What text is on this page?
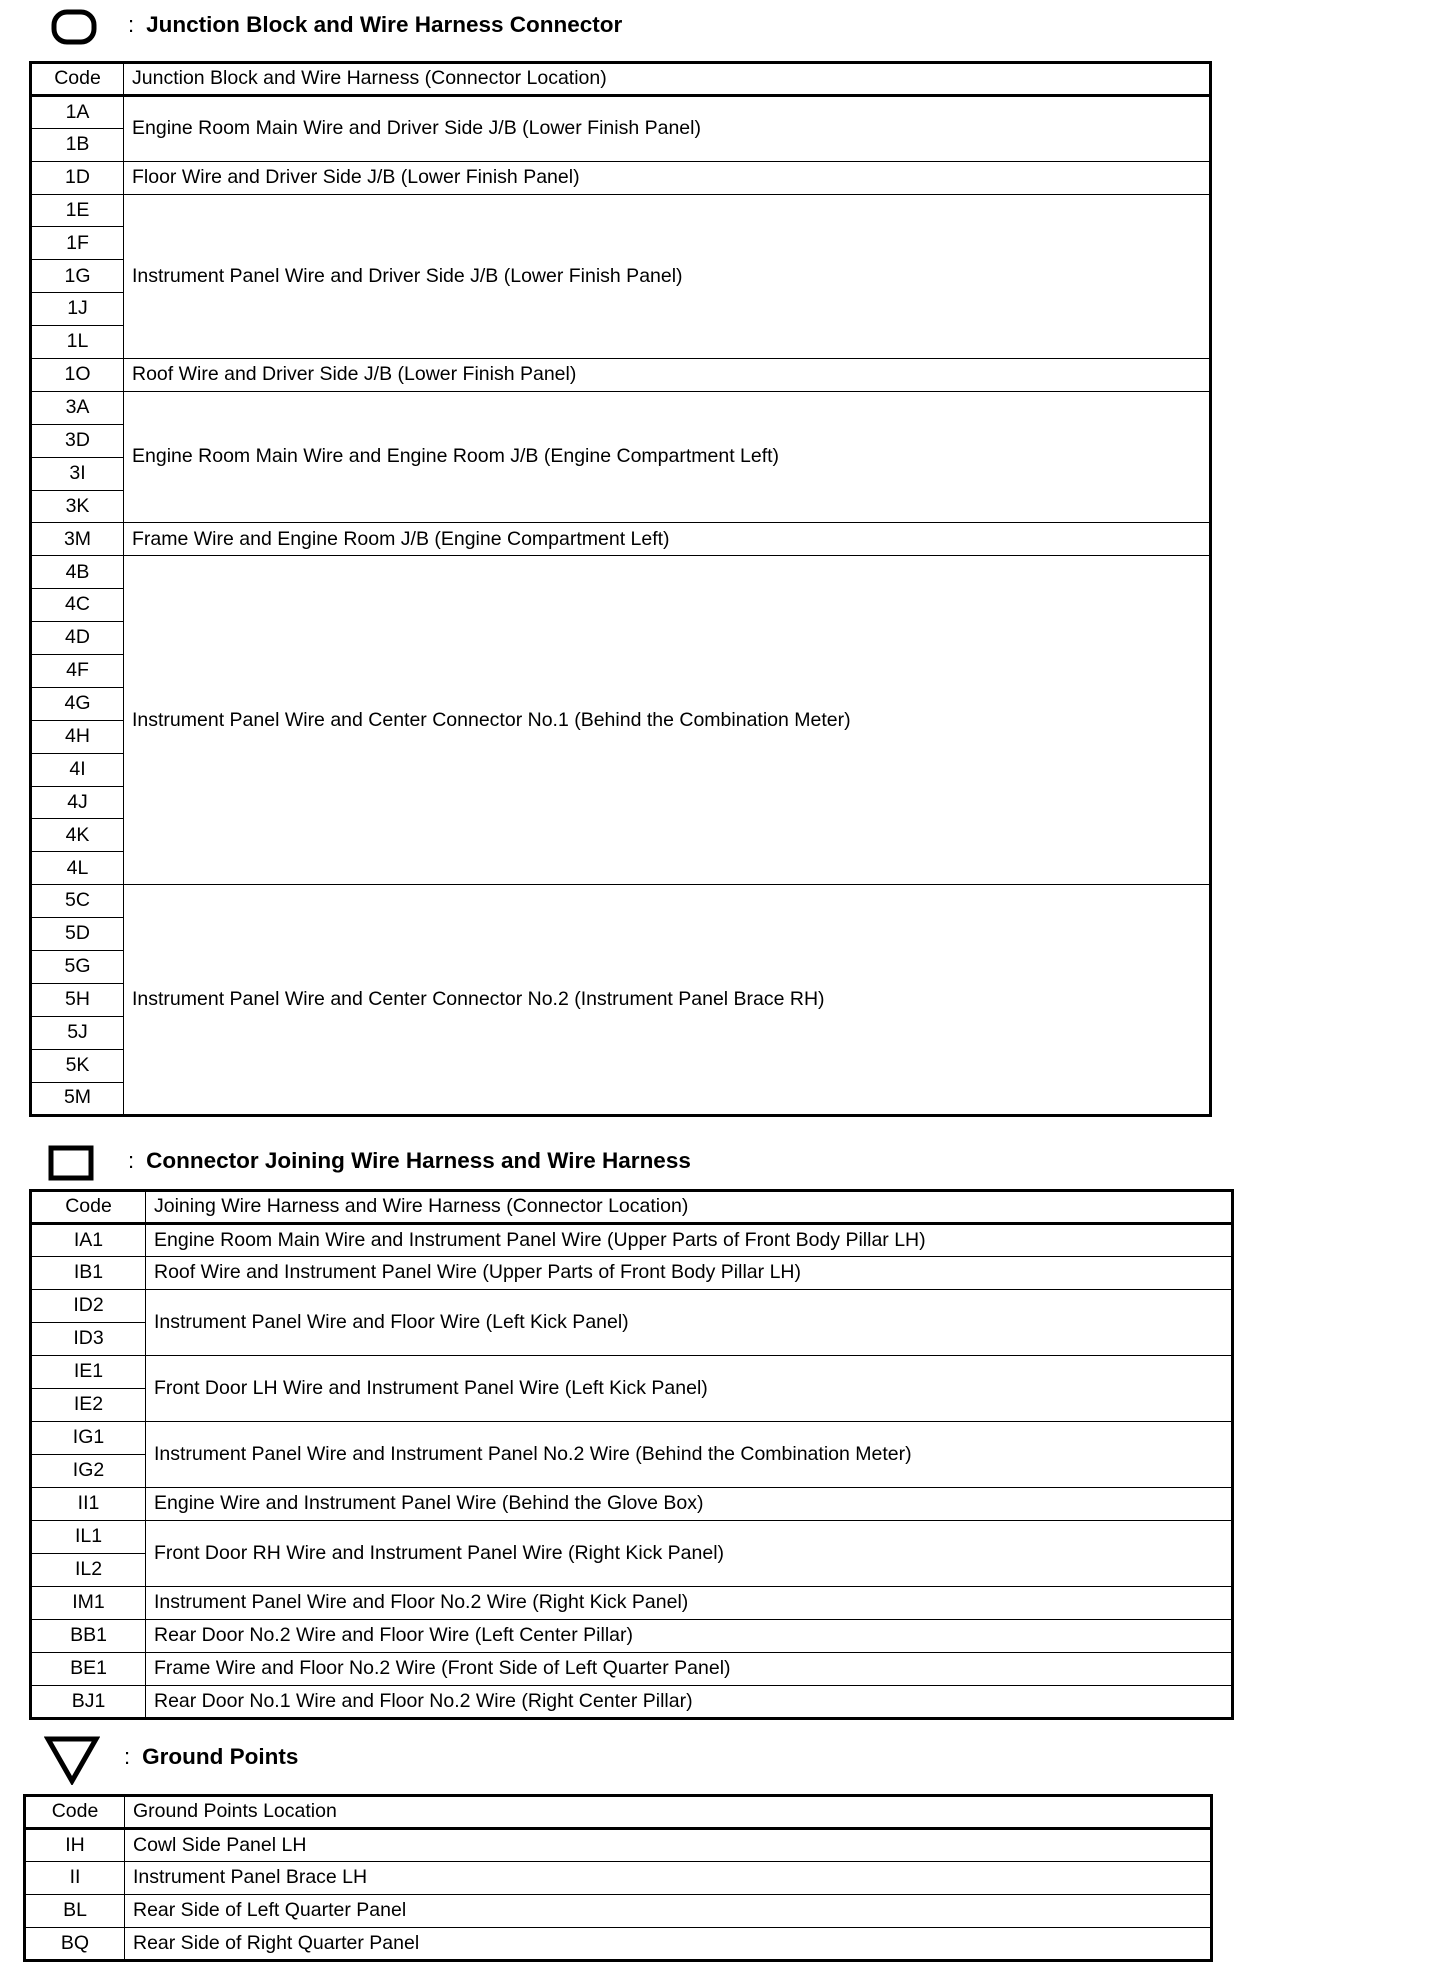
: Junction Block and Wire Harness Connector
Code	Junction Block and Wire Harness (Connector Location)
1A	Engine Room Main Wire and Driver Side J/B (Lower Finish Panel)
1B	
1D	Floor Wire and Driver Side J/B (Lower Finish Panel)
1E	Instrument Panel Wire and Driver Side J/B (Lower Finish Panel)
1F	
1G	
1J	
1L	
1O	Roof Wire and Driver Side J/B (Lower Finish Panel)
3A	Engine Room Main Wire and Engine Room J/B (Engine Compartment Left)
3D	
3I	
3K	
3M	Frame Wire and Engine Room J/B (Engine Compartment Left)
4B	Instrument Panel Wire and Center Connector No.1 (Behind the Combination Meter)
4C	
4D	
4F	
4G	
4H	
4I	
4J	
4K	
4L	
5C	Instrument Panel Wire and Center Connector No.2 (Instrument Panel Brace RH)
5D	
5G	
5H	
5J	
5K	
5M	
: Connector Joining Wire Harness and Wire Harness
Code	Joining Wire Harness and Wire Harness (Connector Location)
IA1	Engine Room Main Wire and Instrument Panel Wire (Upper Parts of Front Body Pillar LH)
IB1	Roof Wire and Instrument Panel Wire (Upper Parts of Front Body Pillar LH)
ID2	Instrument Panel Wire and Floor Wire (Left Kick Panel)
ID3	
IE1	Front Door LH Wire and Instrument Panel Wire (Left Kick Panel)
IE2	
IG1	Instrument Panel Wire and Instrument Panel No.2 Wire (Behind the Combination Meter)
IG2	
II1	Engine Wire and Instrument Panel Wire (Behind the Glove Box)
IL1	Front Door RH Wire and Instrument Panel Wire (Right Kick Panel)
IL2	
IM1	Instrument Panel Wire and Floor No.2 Wire (Right Kick Panel)
BB1	Rear Door No.2 Wire and Floor Wire (Left Center Pillar)
BE1	Frame Wire and Floor No.2 Wire (Front Side of Left Quarter Panel)
BJ1	Rear Door No.1 Wire and Floor No.2 Wire (Right Center Pillar)
: Ground Points
Code	Ground Points Location
IH	Cowl Side Panel LH
II	Instrument Panel Brace LH
BL	Rear Side of Left Quarter Panel
BQ	Rear Side of Right Quarter Panel
